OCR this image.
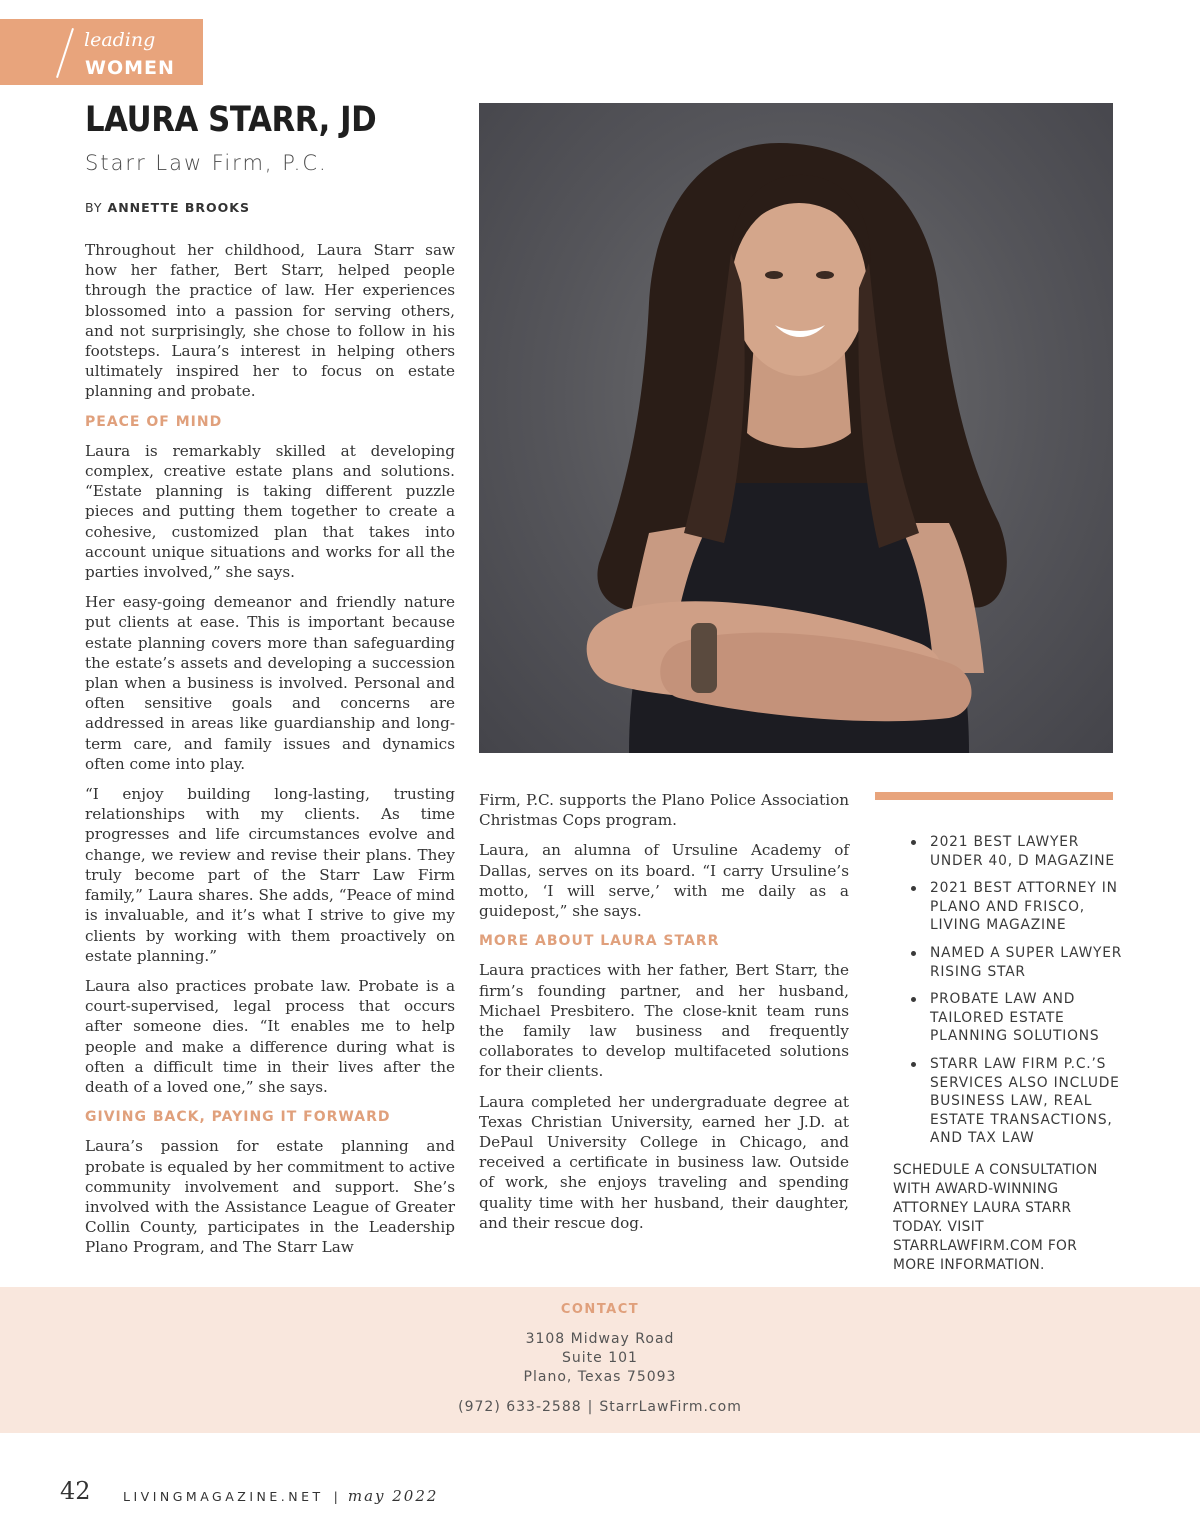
leading
WOMEN
LAURA STARR, JD
Starr Law Firm, P.C.
BY ANNETTE BROOKS

Throughout her childhood, Laura Starr saw how her father, Bert Starr, helped people through the practice of law. Her experiences blossomed into a passion for serving others, and not surprisingly, she chose to follow in his footsteps. Laura’s interest in helping others ultimately inspired her to focus on estate planning and probate.

PEACE OF MIND

Laura is remarkably skilled at developing complex, creative estate plans and solutions. “Estate planning is taking different puzzle pieces and putting them together to create a cohesive, customized plan that takes into account unique situations and works for all the parties involved,” she says.

Her easy-going demeanor and friendly nature put clients at ease. This is important because estate planning covers more than safeguarding the estate’s assets and developing a succession plan when a business is involved. Personal and often sensitive goals and concerns are addressed in areas like guardianship and long-term care, and family issues and dynamics often come into play.

“I enjoy building long-lasting, trusting relationships with my clients. As time progresses and life circumstances evolve and change, we review and revise their plans. They truly become part of the Starr Law Firm family,” Laura shares. She adds, “Peace of mind is invaluable, and it’s what I strive to give my clients by working with them proactively on estate planning.”

Laura also practices probate law. Probate is a court-supervised, legal process that occurs after someone dies. “It enables me to help people and make a difference during what is often a difficult time in their lives after the death of a loved one,” she says.

GIVING BACK, PAYING IT FORWARD

Laura’s passion for estate planning and probate is equaled by her commitment to active community involvement and support. She’s involved with the Assistance League of Greater Collin County, participates in the Leadership Plano Program, and The Starr Law

Firm, P.C. supports the Plano Police Association Christmas Cops program.

Laura, an alumna of Ursuline Academy of Dallas, serves on its board. “I carry Ursuline’s motto, ‘I will serve,’ with me daily as a guidepost,” she says.

MORE ABOUT LAURA STARR

Laura practices with her father, Bert Starr, the firm’s founding partner, and her husband, Michael Presbitero. The close-knit team runs the family law business and frequently collaborates to develop multifaceted solutions for their clients.

Laura completed her undergraduate degree at Texas Christian University, earned her J.D. at DePaul University College in Chicago, and received a certificate in business law. Outside of work, she enjoys traveling and spending quality time with her husband, their daughter, and their rescue dog.

2021 BEST LAWYER UNDER 40, D MAGAZINE
2021 BEST ATTORNEY IN PLANO AND FRISCO, LIVING MAGAZINE
NAMED A SUPER LAWYER RISING STAR
PROBATE LAW AND TAILORED ESTATE PLANNING SOLUTIONS
STARR LAW FIRM P.C.’S SERVICES ALSO INCLUDE BUSINESS LAW, REAL ESTATE TRANSACTIONS, AND TAX LAW
SCHEDULE A CONSULTATION WITH AWARD-WINNING ATTORNEY LAURA STARR TODAY. VISIT STARRLAWFIRM.COM FOR MORE INFORMATION.
CONTACT
3108 Midway Road
Suite 101
Plano, Texas 75093
(972) 633-2588 | StarrLawFirm.com
42	LIVINGMAGAZINE.NET | may 2022
